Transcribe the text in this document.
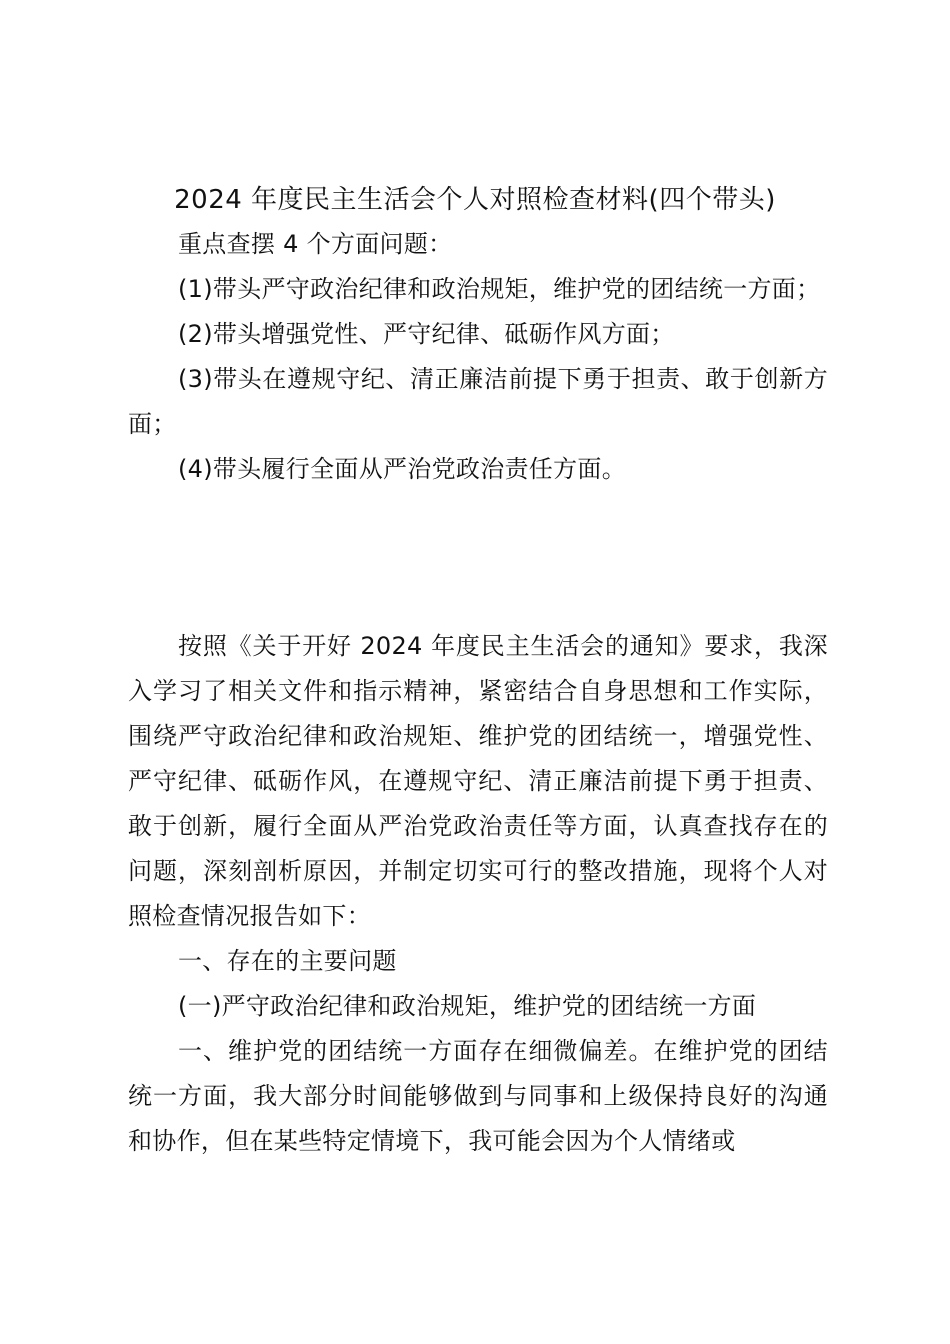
2024 年度民主生活会个人对照检查材料(四个带头)

重点查摆 4 个方面问题：

(1)带头严守政治纪律和政治规矩，维护党的团结统一方面；

(2)带头增强党性、严守纪律、砥砺作风方面；

(3)带头在遵规守纪、清正廉洁前提下勇于担责、敢于创新方面；

(4)带头履行全面从严治党政治责任方面。

按照《关于开好 2024 年度民主生活会的通知》要求，我深入学习了相关文件和指示精神，紧密结合自身思想和工作实际，围绕严守政治纪律和政治规矩、维护党的团结统一，增强党性、严守纪律、砥砺作风，在遵规守纪、清正廉洁前提下勇于担责、敢于创新，履行全面从严治党政治责任等方面，认真查找存在的问题，深刻剖析原因，并制定切实可行的整改措施，现将个人对照检查情况报告如下：

一、存在的主要问题

(一)严守政治纪律和政治规矩，维护党的团结统一方面

一、维护党的团结统一方面存在细微偏差。在维护党的团结统一方面，我大部分时间能够做到与同事和上级保持良好的沟通和协作，但在某些特定情境下，我可能会因为个人情绪或
